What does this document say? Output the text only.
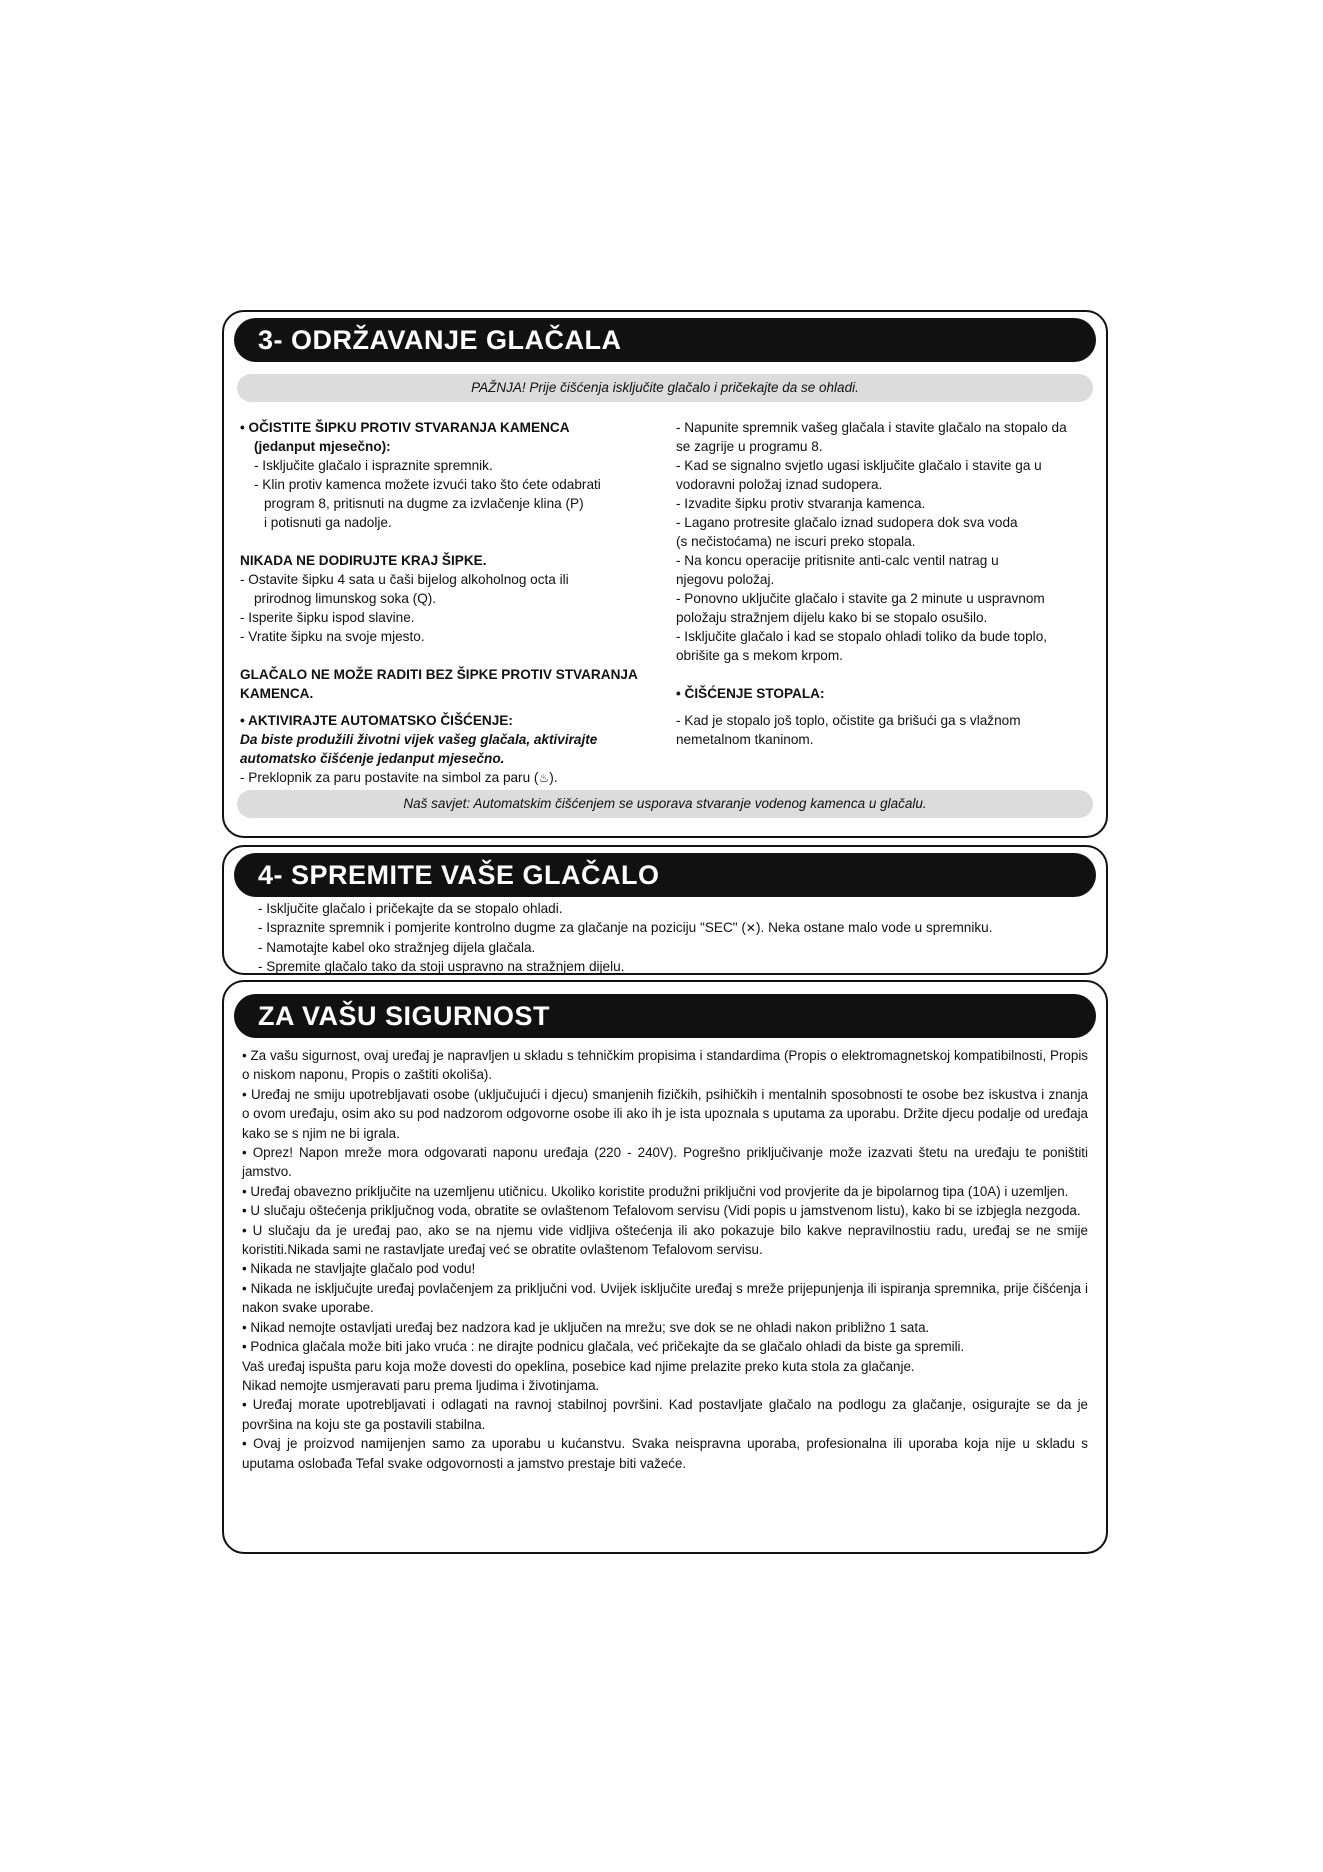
3- ODRŽAVANJE GLAČALA
PAŽNJA! Prije čišćenja isključite glačalo i pričekajte da se ohladi.

• OČISTITE ŠIPKU PROTIV STVARANJA KAMENCA

(jedanput mjesečno):

- Isključite glačalo i ispraznite spremnik.

- Klin protiv kamenca možete izvući tako što ćete odabrati

program 8, pritisnuti na dugme za izvlačenje klina (P)

i potisnuti ga nadolje.

NIKADA NE DODIRUJTE KRAJ ŠIPKE.

- Ostavite šipku 4 sata u čaši bijelog alkoholnog octa ili

prirodnog limunskog soka (Q).

- Isperite šipku ispod slavine.

- Vratite šipku na svoje mjesto.

GLAČALO NE MOŽE RADITI BEZ ŠIPKE PROTIV STVARANJA

KAMENCA.

• AKTIVIRAJTE AUTOMATSKO ČIŠĆENJE:

Da biste produžili životni vijek vašeg glačala, aktivirajte

automatsko čišćenje jedanput mjesečno.

- Preklopnik za paru postavite na simbol za paru (♨).

- Napunite spremnik vašeg glačala i stavite glačalo na stopalo da

se zagrije u programu 8.

- Kad se signalno svjetlo ugasi isključite glačalo i stavite ga u

vodoravni položaj iznad sudopera.

- Izvadite šipku protiv stvaranja kamenca.

- Lagano protresite glačalo iznad sudopera dok sva voda

(s nečistoćama) ne iscuri preko stopala.

- Na koncu operacije pritisnite anti-calc ventil natrag u

njegovu položaj.

- Ponovno uključite glačalo i stavite ga 2 minute u uspravnom

položaju stražnjem dijelu kako bi se stopalo osušilo.

- Isključite glačalo i kad se stopalo ohladi toliko da bude toplo,

obrišite ga s mekom krpom.

• ČIŠĆENJE STOPALA:

- Kad je stopalo još toplo, očistite ga brišući ga s vlažnom

nemetalnom tkaninom.

Naš savjet: Automatskim čišćenjem se usporava stvaranje vodenog kamenca u glačalu.
4- SPREMITE VAŠE GLAČALO

- Isključite glačalo i pričekajte da se stopalo ohladi.

- Ispraznite spremnik i pomjerite kontrolno dugme za glačanje na poziciju "SEC" (✕). Neka ostane malo vode u spremniku.

- Namotajte kabel oko stražnjeg dijela glačala.

- Spremite glačalo tako da stoji uspravno na stražnjem dijelu.

ZA VAŠU SIGURNOST

• Za vašu sigurnost, ovaj uređaj je napravljen u skladu s tehničkim propisima i standardima (Propis o elektromagnetskoj kompatibilnosti, Propis o niskom naponu, Propis o zaštiti okoliša).

• Uređaj ne smiju upotrebljavati osobe (uključujući i djecu) smanjenih fizičkih, psihičkih i mentalnih sposobnosti te osobe bez iskustva i znanja o ovom uređaju, osim ako su pod nadzorom odgovorne osobe ili ako ih je ista upoznala s uputama za uporabu. Držite djecu podalje od uređaja kako se s njim ne bi igrala.

• Oprez! Napon mreže mora odgovarati naponu uređaja (220 - 240V). Pogrešno priključivanje može izazvati štetu na uređaju te poništiti jamstvo.

• Uređaj obavezno priključite na uzemljenu utičnicu. Ukoliko koristite produžni priključni vod provjerite da je bipolarnog tipa (10A) i uzemljen.

• U slučaju oštećenja priključnog voda, obratite se ovlaštenom Tefalovom servisu (Vidi popis u jamstvenom listu), kako bi se izbjegla nezgoda.

• U slučaju da je uređaj pao, ako se na njemu vide vidljiva oštećenja ili ako pokazuje bilo kakve nepravilnostiu radu, uređaj se ne smije koristiti.Nikada sami ne rastavljate uređaj već se obratite ovlaštenom Tefalovom servisu.

• Nikada ne stavljajte glačalo pod vodu!

• Nikada ne isključujte uređaj povlačenjem za priključni vod. Uvijek isključite uređaj s mreže prijepunjenja ili ispiranja spremnika, prije čišćenja i nakon svake uporabe.

• Nikad nemojte ostavljati uređaj bez nadzora kad je uključen na mrežu; sve dok se ne ohladi nakon približno 1 sata.

• Podnica glačala može biti jako vruća : ne dirajte podnicu glačala, već pričekajte da se glačalo ohladi da biste ga spremili.

Vaš uređaj ispušta paru koja može dovesti do opeklina, posebice kad njime prelazite preko kuta stola za glačanje.

Nikad nemojte usmjeravati paru prema ljudima i životinjama.

• Uređaj morate upotrebljavati i odlagati na ravnoj stabilnoj površini. Kad postavljate glačalo na podlogu za glačanje, osigurajte se da je površina na koju ste ga postavili stabilna.

• Ovaj je proizvod namijenjen samo za uporabu u kućanstvu. Svaka neispravna uporaba, profesionalna ili uporaba koja nije u skladu s uputama oslobađa Tefal svake odgovornosti a jamstvo prestaje biti važeće.
